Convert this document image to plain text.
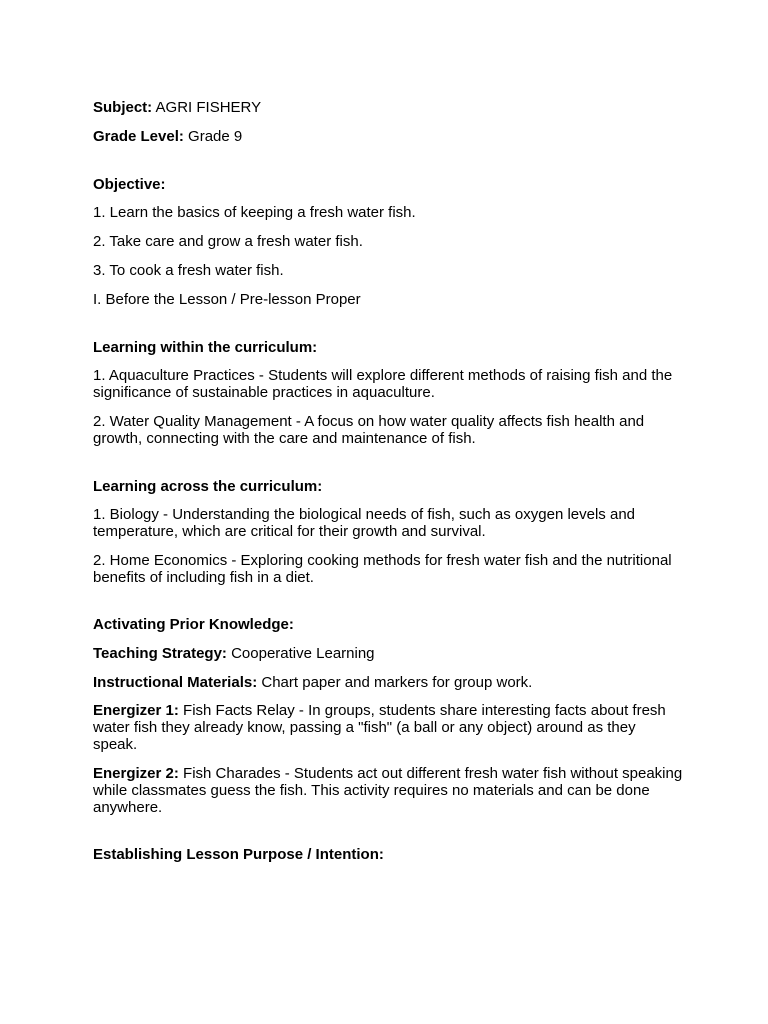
Subject: AGRI FISHERY

Grade Level: Grade 9

Objective:

1. Learn the basics of keeping a fresh water fish.

2. Take care and grow a fresh water fish.

3. To cook a fresh water fish.

I. Before the Lesson / Pre-lesson Proper

Learning within the curriculum:

1. Aquaculture Practices - Students will explore different methods of raising fish and the significance of sustainable practices in aquaculture.

2. Water Quality Management - A focus on how water quality affects fish health and growth, connecting with the care and maintenance of fish.

Learning across the curriculum:

1. Biology - Understanding the biological needs of fish, such as oxygen levels and temperature, which are critical for their growth and survival.

2. Home Economics - Exploring cooking methods for fresh water fish and the nutritional benefits of including fish in a diet.

Activating Prior Knowledge:

Teaching Strategy: Cooperative Learning

Instructional Materials: Chart paper and markers for group work.

Energizer 1: Fish Facts Relay - In groups, students share interesting facts about fresh water fish they already know, passing a "fish" (a ball or any object) around as they speak.

Energizer 2: Fish Charades - Students act out different fresh water fish without speaking while classmates guess the fish. This activity requires no materials and can be done anywhere.

Establishing Lesson Purpose / Intention:
